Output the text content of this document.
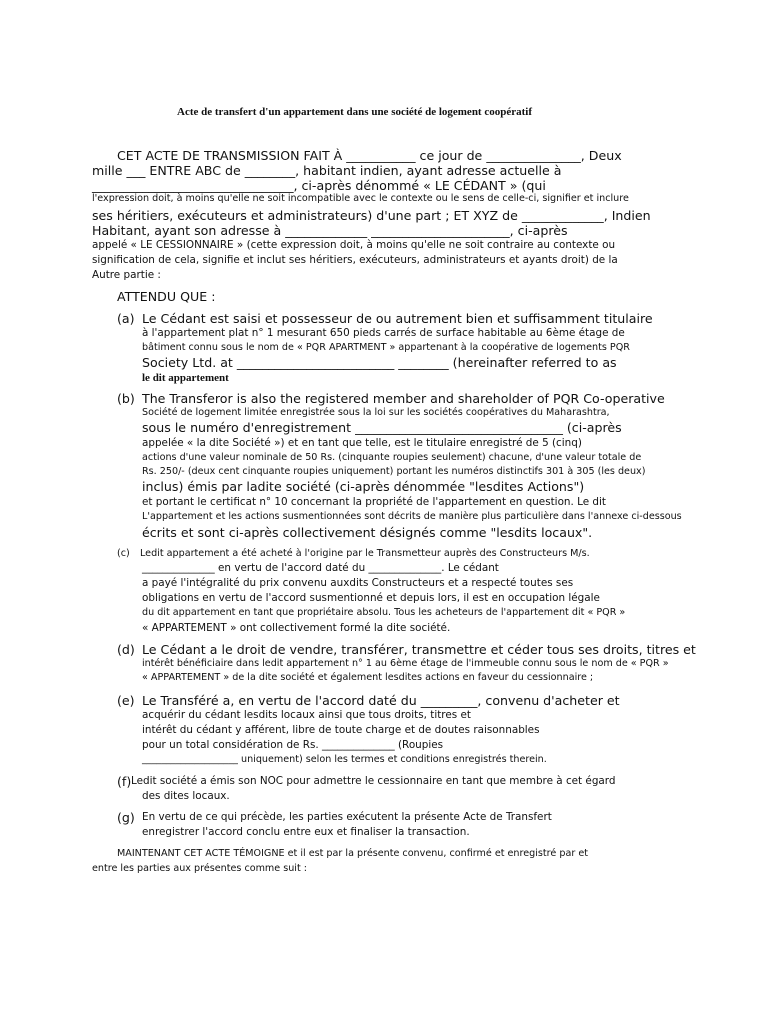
Acte de transfert d'un appartement dans une société de logement coopératif
CET ACTE DE TRANSMISSION FAIT À ___________ ce jour de _______________, Deux
mille ___ ENTRE ABC de ________, habitant indien, ayant adresse actuelle à
________________________________, ci-après dénommé « LE CÉDANT » (qui
l'expression doit, à moins qu'elle ne soit incompatible avec le contexte ou le sens de celle-ci, signifier et inclure
ses héritiers, exécuteurs et administrateurs) d'une part ; ET XYZ de _____________, Indien
Habitant, ayant son adresse à _____________ ______________________, ci-après
appelé « LE CESSIONNAIRE » (cette expression doit, à moins qu'elle ne soit contraire au contexte ou
signification de cela, signifie et inclut ses héritiers, exécuteurs, administrateurs et ayants droit) de la
Autre partie :
ATTENDU QUE :
(a) Le Cédant est saisi et possesseur de ou autrement bien et suffisamment titulaire
à l'appartement plat n° 1 mesurant 650 pieds carrés de surface habitable au 6ème étage de
bâtiment connu sous le nom de « PQR APARTMENT » appartenant à la coopérative de logements PQR
Society Ltd. at _________________________ ________ (hereinafter referred to as
le dit appartement
(b) The Transferor is also the registered member and shareholder of PQR Co-operative
Société de logement limitée enregistrée sous la loi sur les sociétés coopératives du Maharashtra,
sous le numéro d'enregistrement _________________________________ (ci-après
appelée « la dite Société ») et en tant que telle, est le titulaire enregistré de 5 (cinq)
actions d'une valeur nominale de 50 Rs. (cinquante roupies seulement) chacune, d'une valeur totale de
Rs. 250/- (deux cent cinquante roupies uniquement) portant les numéros distinctifs 301 à 305 (les deux)
inclus) émis par ladite société (ci-après dénommée "lesdites Actions")
et portant le certificat n° 10 concernant la propriété de l'appartement en question. Le dit
L'appartement et les actions susmentionnées sont décrits de manière plus particulière dans l'annexe ci-dessous
écrits et sont ci-après collectivement désignés comme "lesdits locaux".
(c) Ledit appartement a été acheté à l'origine par le Transmetteur auprès des Constructeurs M/s.
______________ en vertu de l'accord daté du ______________. Le cédant
a payé l'intégralité du prix convenu auxdits Constructeurs et a respecté toutes ses
obligations en vertu de l'accord susmentionné et depuis lors, il est en occupation légale
du dit appartement en tant que propriétaire absolu. Tous les acheteurs de l'appartement dit « PQR »
« APPARTEMENT » ont collectivement formé la dite société.
(d) Le Cédant a le droit de vendre, transférer, transmettre et céder tous ses droits, titres et
intérêt bénéficiaire dans ledit appartement n° 1 au 6ème étage de l'immeuble connu sous le nom de « PQR »
« APPARTEMENT » de la dite société et également lesdites actions en faveur du cessionnaire ;
(e) Le Transféré a, en vertu de l'accord daté du _________, convenu d'acheter et
acquérir du cédant lesdits locaux ainsi que tous droits, titres et
intérêt du cédant y afférent, libre de toute charge et de doutes raisonnables
pour un total considération de Rs. ______________ (Roupies
____________________ uniquement) selon les termes et conditions enregistrés therein.
(f) Ledit société a émis son NOC pour admettre le cessionnaire en tant que membre à cet égard
des dites locaux.
(g) En vertu de ce qui précède, les parties exécutent la présente Acte de Transfert
enregistrer l'accord conclu entre eux et finaliser la transaction.
MAINTENANT CET ACTE TÉMOIGNE et il est par la présente convenu, confirmé et enregistré par et
entre les parties aux présentes comme suit :
